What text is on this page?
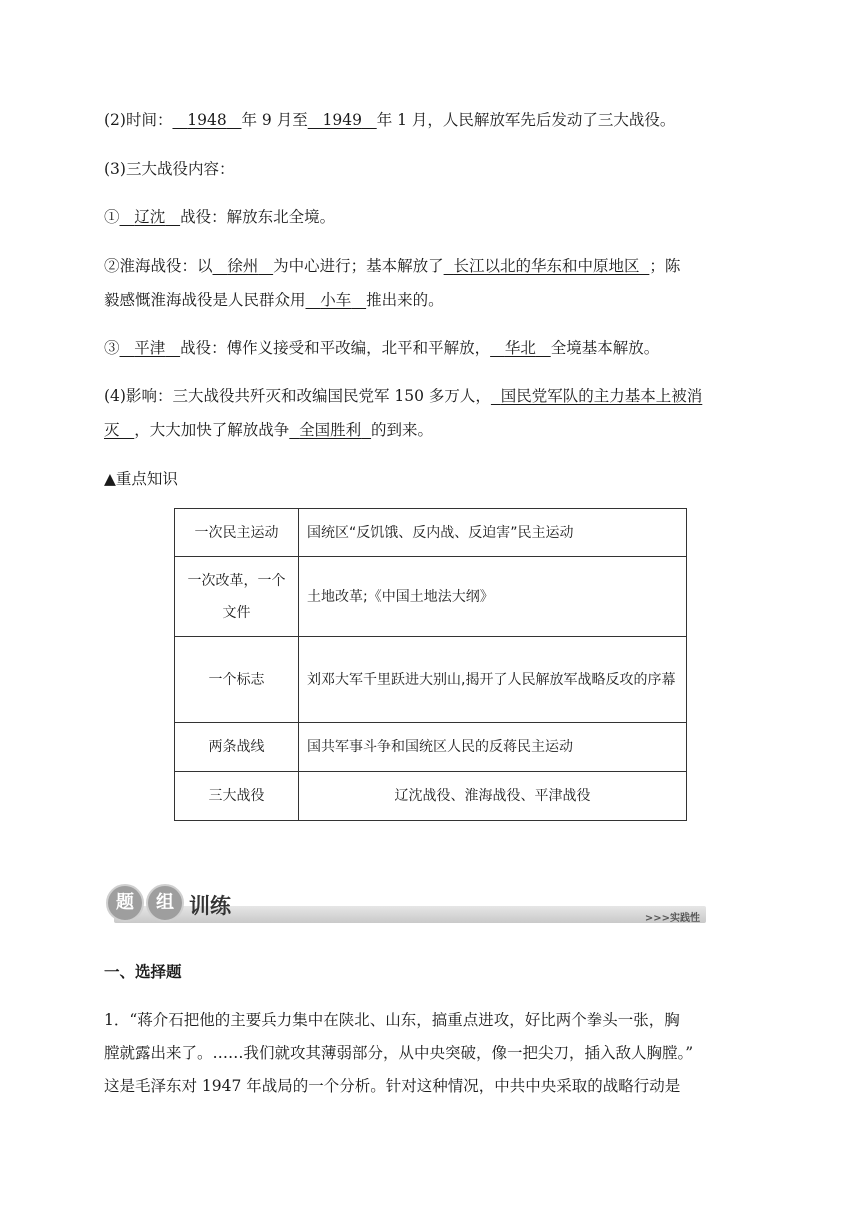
(2)时间： 1948 年 9 月至 1949 年 1 月，人民解放军先后发动了三大战役。
(3)三大战役内容：
① 辽沈 战役：解放东北全境。
②淮海战役：以 徐州 为中心进行；基本解放了 长江以北的华东和中原地区 ；陈
毅感慨淮海战役是人民群众用 小车 推出来的。
③ 平津 战役：傅作义接受和平改编，北平和平解放， 华北 全境基本解放。
(4)影响：三大战役共歼灭和改编国民党军 150 多万人， 国民党军队的主力基本上被消
灭 ，大大加快了解放战争 全国胜利 的到来。
▲重点知识
一次民主运动	国统区“反饥饿、反内战、反迫害”民主运动
一次改革，一个文件	土地改革;《中国土地法大纲》
一个标志	刘邓大军千里跃进大别山,揭开了人民解放军战略反攻的序幕
两条战线	国共军事斗争和国统区人民的反蒋民主运动
三大战役	辽沈战役、淮海战役、平津战役
题	组 训练
>>>实践性
一、选择题
1．“蒋介石把他的主要兵力集中在陕北、山东，搞重点进攻，好比两个拳头一张，胸
膛就露出来了。……我们就攻其薄弱部分，从中央突破，像一把尖刀，插入敌人胸膛。”
这是毛泽东对 1947 年战局的一个分析。针对这种情况，中共中央采取的战略行动是
